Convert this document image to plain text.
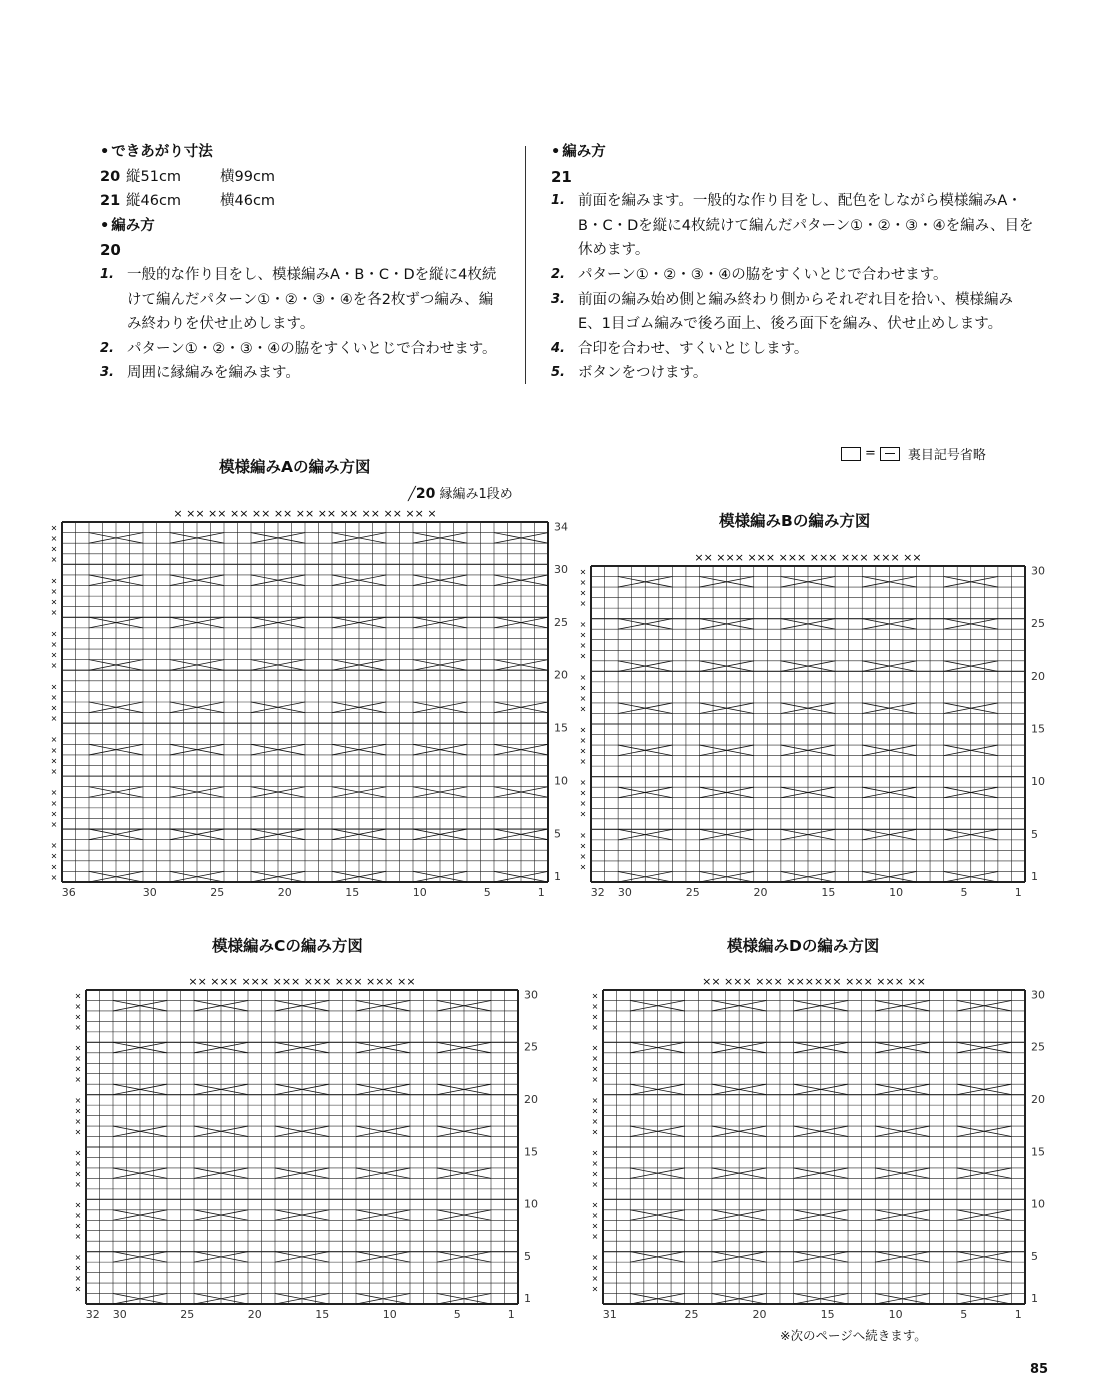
• できあがり寸法
20 縦51cm	横99cm
21 縦46cm	横46cm
• 編み方
20
1. 一般的な作り目をし、模様編みA・B・C・Dを縦に4枚続
けて編んだパターン①・②・③・④を各2枚ずつ編み、編
み終わりを伏せ止めします。
2. パターン①・②・③・④の脇をすくいとじで合わせます。
3. 周囲に縁編みを編みます。
• 編み方
21
1. 前面を編みます。一般的な作り目をし、配色をしながら模様編みA・
B・C・Dを縦に4枚続けて編んだパターン①・②・③・④を編み、目を
休めます。
2. パターン①・②・③・④の脇をすくいとじで合わせます。
3. 前面の編み始め側と編み終わり側からそれぞれ目を拾い、模様編み
E、1目ゴム編みで後ろ面上、後ろ面下を編み、伏せ止めします。
4. 合印を合わせ、すくいとじします。
5. ボタンをつけます。
= 裏目記号省略
模様編みAの編み方図
模様編みBの編み方図
模様編みCの編み方図	模様編みDの編み方図
╱20 縁編み1段め
× ×× ×× ×× ×× ×× ×× ×× ×× ×× ×× ×× ×
×
×
×
×
×
×
×
×
×
×
×
×
×
×
×
×
×
×
×
×
×
×
×
×
×
×
×
×
36	30	25	20	15	10	5	1
34
30
25
20
15
10
5
1
×× ××× ××× ××× ××× ××× ××× ××
×
×
×
×
×
×
×
×
×
×
×
×
×
×
×
×
×
×
×
×
×
×
×
×
32 30	25	20	15	10	5	1
30
25
20
15
10
5
1
×× ××× ××× ××× ××× ××× ××× ××
×
×
×
×
×
×
×
×
×
×
×
×
×
×
×
×
×
×
×
×
×
×
×
×
32 30	25	20	15	10	5	1
30
25
20
15
10
5
1
×× ××× ××× ×××××× ××× ××× ××
×
×
×
×
×
×
×
×
×
×
×
×
×
×
×
×
×
×
×
×
×
×
×
×
31	25	20	15	10	5	1
30
25
20
15
10
5
1
※次のページへ続きます。
85
